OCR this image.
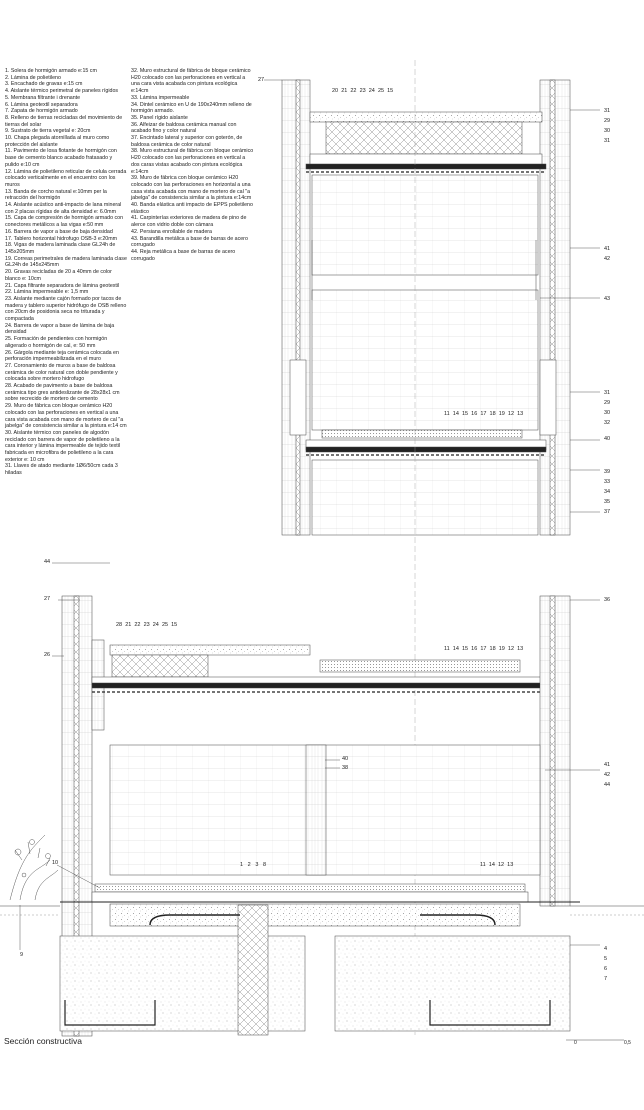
1. Solera de hormigón armado e:15 cm

2. Lámina de polietileno

3. Encachado de gravas e:15 cm

4. Aislante térmico perimetral de paneles rígidos

5. Membrana filtrante i drenante

6. Lámina geotextil separadora

7. Zapata de hormigón armado

8. Relleno de tierras recicladas del movimiento de tierras del solar

9. Sustrato de tierra vegetal e: 20cm

10. Chapa plegada atornillada al muro como protección del aislante

11. Pavimento de losa flotante de hormigón con base de cemento blanco acabado fratasado y pulido e:10 cm

12. Lámina de polietileno reticular de celula cerrada colocado verticalmente en el encuentro con los muros

13. Banda de corcho natural e:10mm per la retracción del hormigón

14. Aislante acústico anti-impacto de lana mineral con 2 placas rígidas de alta densidad e: 6.0mm

15. Capa de compresión de hormigón armado con conectores metálicos a las vigas e:50 mm

16. Barrera de vapor a base de baja densidad

17. Tablero horizontal hidrofugo OSB-3 e:20mm

18. Vigas de madera laminada clase GL24h de 145x205mm

19. Correas perimetrales de madera laminada clase GL24h de 145x245mm

20. Gravas recicladas de 20 a 40mm de color blanco e: 10cm

21. Capa filtrante separadora de lámina geotextil

22. Lámina impermeable e: 1,5 mm

23. Aislante mediante cajón formado por tacos de madera y tablero superior hidrófugo de OSB relleno con 20cm de posidonia seca no triturada y compactada

24. Barrera de vapor a base de lámina de baja densidad

25. Formación de pendientes con hormigón aligerado o hormigón de cal, e: 50 mm

26. Gárgola mediante teja cerámica colocada en perforación impermeabilizada en el muro

27. Coronamiento de muros a base de baldosa cerámica de color natural con doble pendiente y colocada sobre mortero hidrofugo

28. Acabado de pavimento a base de baldosa cerámica tipo gres antideslizante de 28x28x1 cm sobre recrecido de mortero de cemento

29. Muro de fábrica con bloque cerámico H20 colocado con las perforaciones en vertical a una cara vista acabada con mano de mortero de cal "a jabelga" de consistencia similar a la pintura e:14 cm

30. Aislante térmico con paneles de algodón reciclado con barrera de vapor de polietileno a la cara interior y lámina impermeable de tejido textil fabricada en microfibra de polietileno a la cara exterior e: 10 cm

31. Llaves de atado mediante 1Ø6/50cm cada 3 hiladas

32. Muro estructural de fábrica de bloque cerámico H20 colocado con las perforaciones en vertical a una cara vista acabada con pintura ecológica e:14cm

33. Lámina impermeable

34. Dintel cerámico en U de 190x240mm relleno de hormigón armado.

35. Panel rígido aislante

36. Alfeizar de baldosa cerámica manual con acabado fino y color natural

37. Encintado lateral y superior con goterón, de baldosa cerámica de color natural

38. Muro estructural de fábrica con bloque cerámico H20 colocado con las perforaciones en vertical a dos caras vistas acabado con pintura ecológica e:14cm

39. Muro de fábrica con bloque cerámico H20 colocado con las perforaciones en horizontal a una casa vista acabada con mano de mortero de cal "a jabelga" de consistencia similar a la pintura e:14cm

40. Banda elástica anti impacto de EPPS polietileno elástico

41. Carpinterías exteriores de madera de pino de alerce con vidrio doble con cámara

42. Persiana enrollable de madera

43. Barandilla metálica a base de barras de acero corrugado

44. Reja metálica a base de barras de acero corrugado

20 21 22 23 24 25 15
28 21 22 23 24 25 15
11 14 15 16 17 18 19 12 13
11 14 15 16 17 18 19 12 13
1 2 3 8	11 14 12 13
31
29
30
31
41
42
43
31
29
30
32
40
39
33
34
35
37
36
41
42
44
4
5
6
7
27
27
44
26
10
9
40
38
Sección constructiva	0	0,5
